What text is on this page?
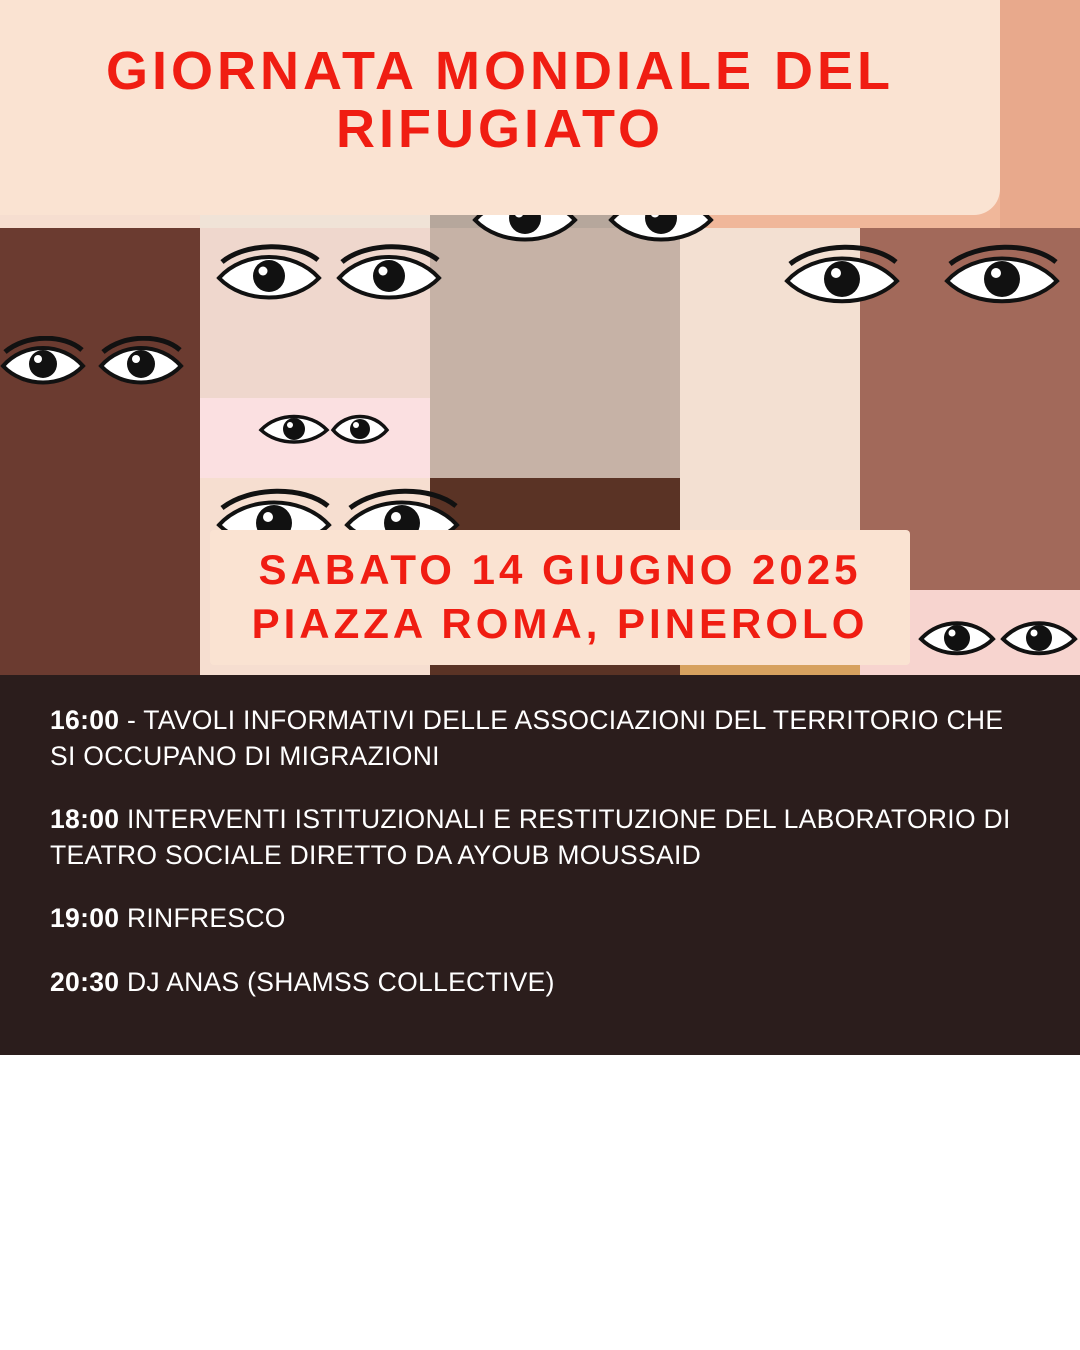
GIORNATA MONDIALE DEL
RIFUGIATO
SABATO 14 GIUGNO 2025
PIAZZA ROMA, PINEROLO
16:00 - TAVOLI INFORMATIVI DELLE ASSOCIAZIONI DEL TERRITORIO CHE SI OCCUPANO DI MIGRAZIONI
18:00 INTERVENTI ISTITUZIONALI E RESTITUZIONE DEL LABORATORIO DI TEATRO SOCIALE DIRETTO DA AYOUB MOUSSAID
19:00 RINFRESCO
20:30 DJ ANAS (SHAMSS COLLECTIVE)
